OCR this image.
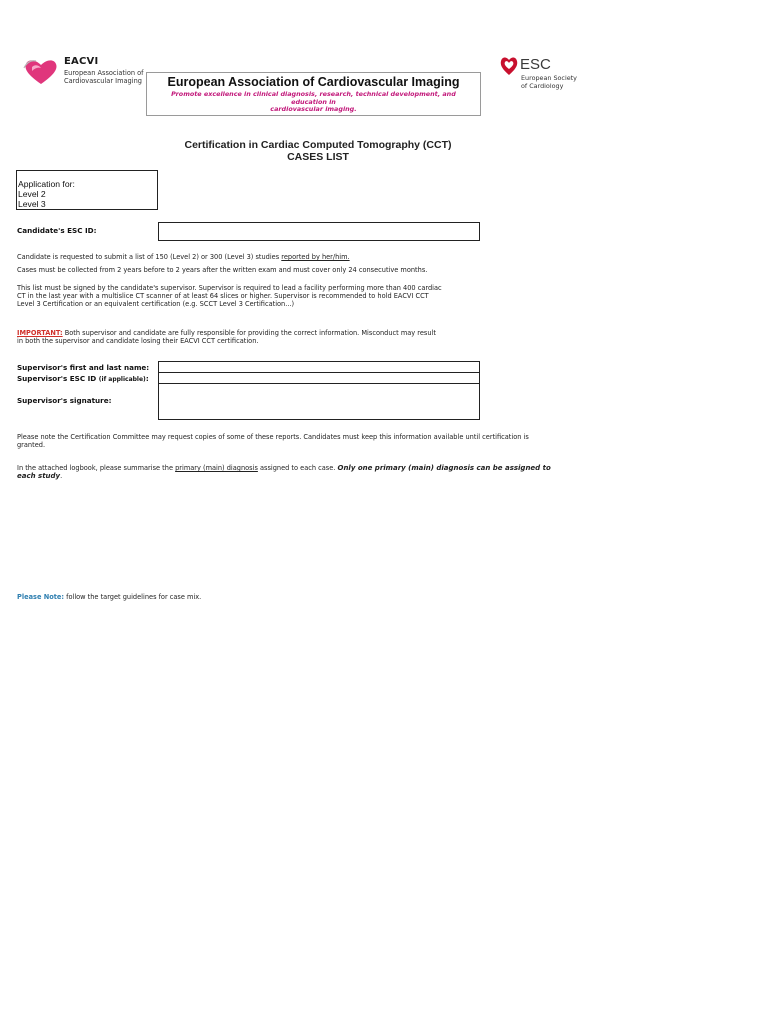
EACVI
European Association of
Cardiovascular Imaging	European Association of Cardiovascular Imaging
Promote excellence in clinical diagnosis, research, technical development, and education in
cardiovascular imaging.
ESC
European Society
of Cardiology
Certification in Cardiac Computed Tomography (CCT)
CASES LIST
Application for:
Level 2
Level 3
Candidate's ESC ID:
Candidate is requested to submit a list of 150 (Level 2) or 300 (Level 3) studies reported by her/him.
Cases must be collected from 2 years before to 2 years after the written exam and must cover only 24 consecutive months.
This list must be signed by the candidate's supervisor. Supervisor is required to lead a facility performing more than 400 cardiac
CT in the last year with a multislice CT scanner of at least 64 slices or higher. Supervisor is recommended to hold EACVI CCT
Level 3 Certification or an equivalent certification (e.g. SCCT Level 3 Certification...)
IMPORTANT: Both supervisor and candidate are fully responsible for providing the correct information. Misconduct may result
in both the supervisor and candidate losing their EACVI CCT certification.
Supervisor's first and last name:
Supervisor's ESC ID (if applicable):
Supervisor's signature:
Please note the Certification Committee may request copies of some of these reports. Candidates must keep this information available until certification is
granted.
In the attached logbook, please summarise the primary (main) diagnosis assigned to each case. Only one primary (main) diagnosis can be assigned to
each study.
Please Note: follow the target guidelines for case mix.
